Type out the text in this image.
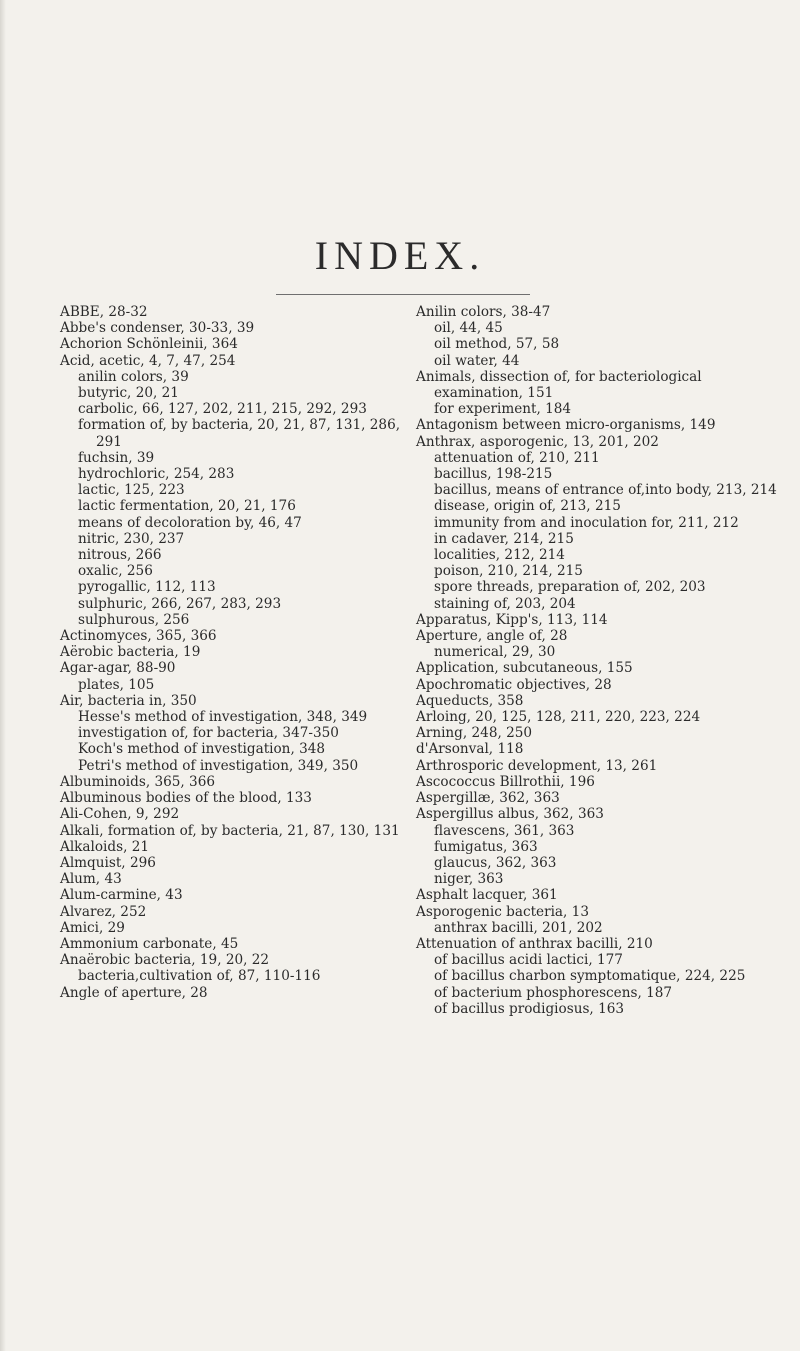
INDEX.
ABBE, 28-32
Abbe's condenser, 30-33, 39
Achorion Schönleinii, 364
Acid, acetic, 4, 7, 47, 254
anilin colors, 39
butyric, 20, 21
carbolic, 66, 127, 202, 211, 215, 292, 293
formation of, by bacteria, 20, 21, 87, 131, 286, 291
fuchsin, 39
hydrochloric, 254, 283
lactic, 125, 223
lactic fermentation, 20, 21, 176
means of decoloration by, 46, 47
nitric, 230, 237
nitrous, 266
oxalic, 256
pyrogallic, 112, 113
sulphuric, 266, 267, 283, 293
sulphurous, 256
Actinomyces, 365, 366
Aërobic bacteria, 19
Agar-agar, 88-90
plates, 105
Air, bacteria in, 350
Hesse's method of investigation, 348, 349
investigation of, for bacteria, 347-350
Koch's method of investigation, 348
Petri's method of investigation, 349, 350
Albuminoids, 365, 366
Albuminous bodies of the blood, 133
Ali-Cohen, 9, 292
Alkali, formation of, by bacteria, 21, 87, 130, 131
Alkaloids, 21
Almquist, 296
Alum, 43
Alum-carmine, 43
Alvarez, 252
Amici, 29
Ammonium carbonate, 45
Anaërobic bacteria, 19, 20, 22
bacteria,cultivation of, 87, 110-116
Angle of aperture, 28
Anilin colors, 38-47
oil, 44, 45
oil method, 57, 58
oil water, 44
Animals, dissection of, for bacteriological examination, 151
for experiment, 184
Antagonism between micro-organisms, 149
Anthrax, asporogenic, 13, 201, 202
attenuation of, 210, 211
bacillus, 198-215
bacillus, means of entrance of,into body, 213, 214
disease, origin of, 213, 215
immunity from and inoculation for, 211, 212
in cadaver, 214, 215
localities, 212, 214
poison, 210, 214, 215
spore threads, preparation of, 202, 203
staining of, 203, 204
Apparatus, Kipp's, 113, 114
Aperture, angle of, 28
numerical, 29, 30
Application, subcutaneous, 155
Apochromatic objectives, 28
Aqueducts, 358
Arloing, 20, 125, 128, 211, 220, 223, 224
Arning, 248, 250
d'Arsonval, 118
Arthrosporic development, 13, 261
Ascococcus Billrothii, 196
Aspergillæ, 362, 363
Aspergillus albus, 362, 363
flavescens, 361, 363
fumigatus, 363
glaucus, 362, 363
niger, 363
Asphalt lacquer, 361
Asporogenic bacteria, 13
anthrax bacilli, 201, 202
Attenuation of anthrax bacilli, 210
of bacillus acidi lactici, 177
of bacillus charbon symptomatique, 224, 225
of bacterium phosphorescens, 187
of bacillus prodigiosus, 163
